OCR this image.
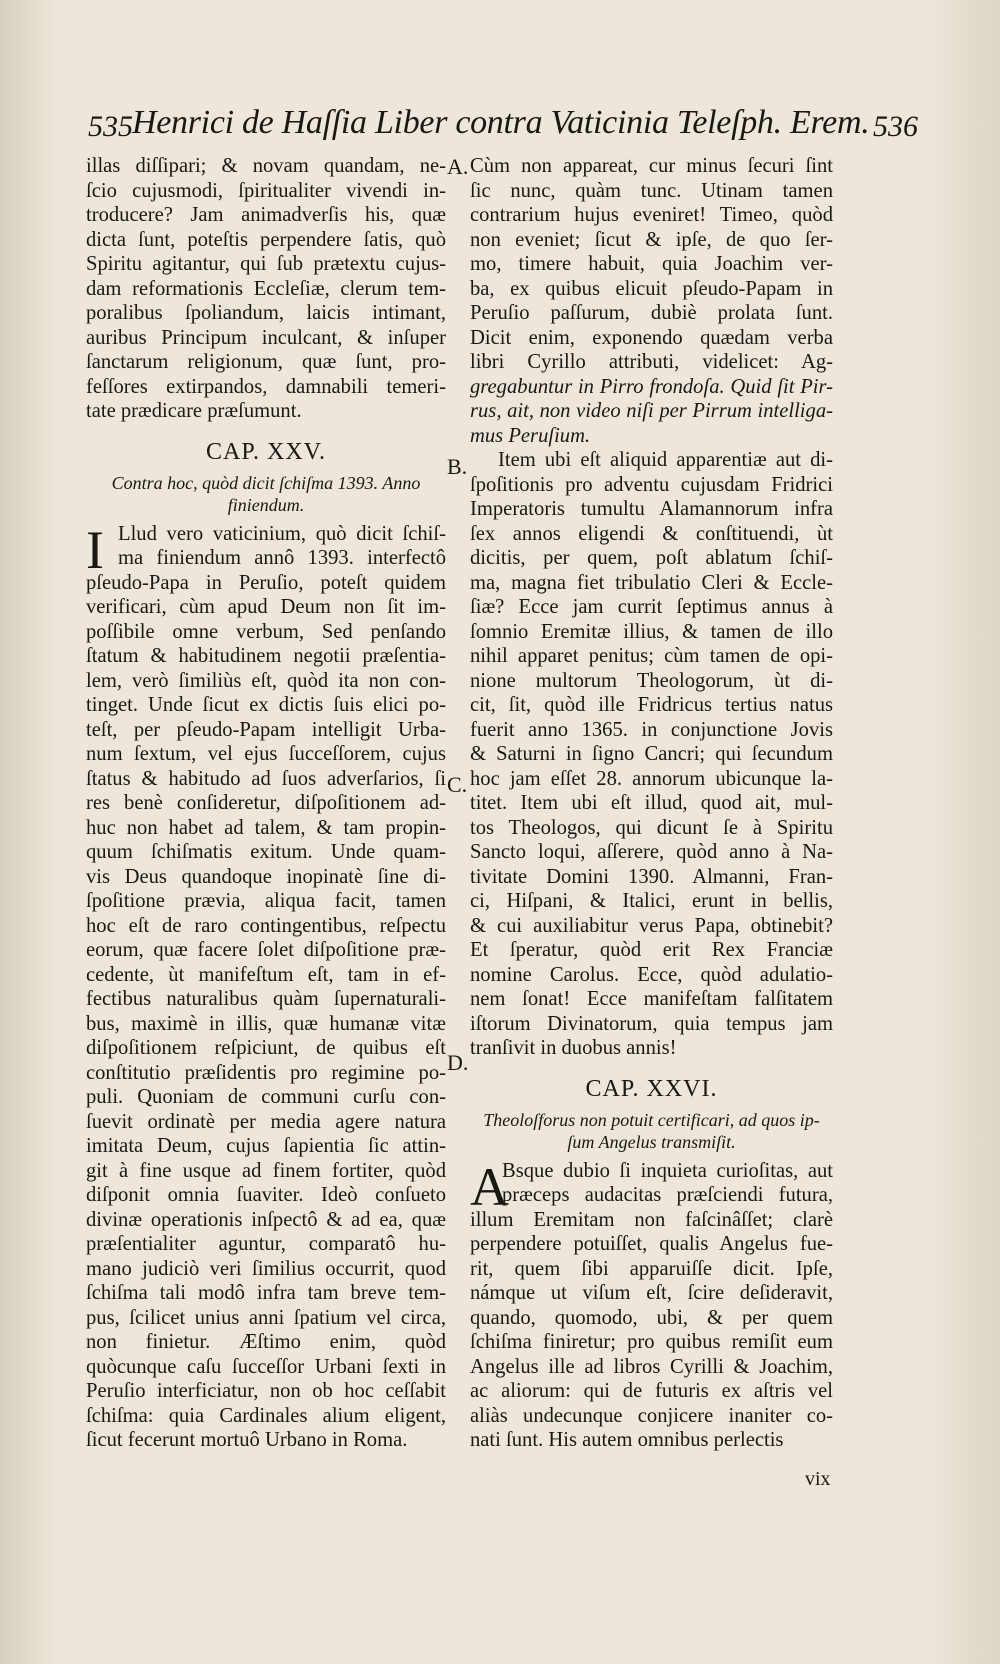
535 Henrici de Haſſia Liber contra Vaticinia Teleſph. Erem. 536
illas diſſipari; & novam quandam, ne-
ſcio cujusmodi, ſpiritualiter vivendi in-
troducere? Jam animadverſis his, quæ
dicta ſunt, poteſtis perpendere ſatis, quò
Spiritu agitantur, qui ſub prætextu cujus-
dam reformationis Eccleſiæ, clerum tem-
poralibus ſpoliandum, laicis intimant,
auribus Principum inculcant, & inſuper
ſanctarum religionum, quæ ſunt, pro-
feſſores extirpandos, damnabili temeri-
tate prædicare præſumunt.
CAP. XXV.
Contra hoc, quòd dicit ſchiſma 1393. Anno
finiendum.
I Llud vero vaticinium, quò dicit ſchiſ-
ma finiendum annô 1393. interfectô
pſeudo-Papa in Peruſio, poteſt quidem
verificari, cùm apud Deum non ſit im-
poſſibile omne verbum, Sed penſando
ſtatum & habitudinem negotii præſentia-
lem, verò ſimiliùs eſt, quòd ita non con-
tinget. Unde ſicut ex dictis ſuis elici po-
teſt, per pſeudo-Papam intelligit Urba-
num ſextum, vel ejus ſucceſſorem, cujus
ſtatus & habitudo ad ſuos adverſarios, ſi
res benè conſideretur, diſpoſitionem ad-
huc non habet ad talem, & tam propin-
quum ſchiſmatis exitum. Unde quam-
vis Deus quandoque inopinatè ſine di-
ſpoſitione prævia, aliqua facit, tamen
hoc eſt de raro contingentibus, reſpectu
eorum, quæ facere ſolet diſpoſitione præ-
cedente, ùt manifeſtum eſt, tam in ef-
fectibus naturalibus quàm ſupernaturali-
bus, maximè in illis, quæ humanæ vitæ
diſpoſitionem reſpiciunt, de quibus eſt
conſtitutio præſidentis pro regimine po-
puli. Quoniam de communi curſu con-
ſuevit ordinatè per media agere natura
imitata Deum, cujus ſapientia ſic attin-
git à fine usque ad finem fortiter, quòd
diſponit omnia ſuaviter. Ideò conſueto
divinæ operationis inſpectô & ad ea, quæ
præſentialiter aguntur, comparatô hu-
mano judiciò veri ſimilius occurrit, quod
ſchiſma tali modô infra tam breve tem-
pus, ſcilicet unius anni ſpatium vel circa,
non finietur. Æſtimo enim, quòd
quòcunque caſu ſucceſſor Urbani ſexti in
Peruſio interficiatur, non ob hoc ceſſabit
ſchiſma: quia Cardinales alium eligent,
ſicut fecerunt mortuô Urbano in Roma.
A.
B.
C.
D.
Cùm non appareat, cur minus ſecuri ſint
ſic nunc, quàm tunc. Utinam tamen
contrarium hujus eveniret! Timeo, quòd
non eveniet; ſicut & ipſe, de quo ſer-
mo, timere habuit, quia Joachim ver-
ba, ex quibus elicuit pſeudo-Papam in
Peruſio paſſurum, dubiè prolata ſunt.
Dicit enim, exponendo quædam verba
libri Cyrillo attributi, videlicet: Ag-
gregabuntur in Pirro frondoſa. Quid ſit Pir-
rus, ait, non video niſi per Pirrum intelliga-
mus Peruſium.
Item ubi eſt aliquid apparentiæ aut di-
ſpoſitionis pro adventu cujusdam Fridrici
Imperatoris tumultu Alamannorum infra
ſex annos eligendi & conſtituendi, ùt
dicitis, per quem, poſt ablatum ſchiſ-
ma, magna fiet tribulatio Cleri & Eccle-
ſiæ? Ecce jam currit ſeptimus annus à
ſomnio Eremitæ illius, & tamen de illo
nihil apparet penitus; cùm tamen de opi-
nione multorum Theologorum, ùt di-
cit, ſit, quòd ille Fridricus tertius natus
fuerit anno 1365. in conjunctione Jovis
& Saturni in ſigno Cancri; qui ſecundum
hoc jam eſſet 28. annorum ubicunque la-
titet. Item ubi eſt illud, quod ait, mul-
tos Theologos, qui dicunt ſe à Spiritu
Sancto loqui, aſſerere, quòd anno à Na-
tivitate Domini 1390. Almanni, Fran-
ci, Hiſpani, & Italici, erunt in bellis,
& cui auxiliabitur verus Papa, obtinebit?
Et ſperatur, quòd erit Rex Franciæ
nomine Carolus. Ecce, quòd adulatio-
nem ſonat! Ecce manifeſtam falſitatem
iſtorum Divinatorum, quia tempus jam
tranſivit in duobus annis!
CAP. XXVI.
Theoloſforus non potuit certificari, ad quos ip-
ſum Angelus transmiſit.
A
Bsque dubio ſi inquieta curioſitas, aut
præceps audacitas præſciendi futura,
illum Eremitam non faſcinâſſet; clarè
perpendere potuiſſet, qualis Angelus fue-
rit, quem ſibi apparuiſſe dicit. Ipſe,
námque ut viſum eſt, ſcire deſideravit,
quando, quomodo, ubi, & per quem
ſchiſma finiretur; pro quibus remiſit eum
Angelus ille ad libros Cyrilli & Joachim,
ac aliorum: qui de futuris ex aſtris vel
aliàs undecunque conjicere inaniter co-
nati ſunt. His autem omnibus perlectis
vix
